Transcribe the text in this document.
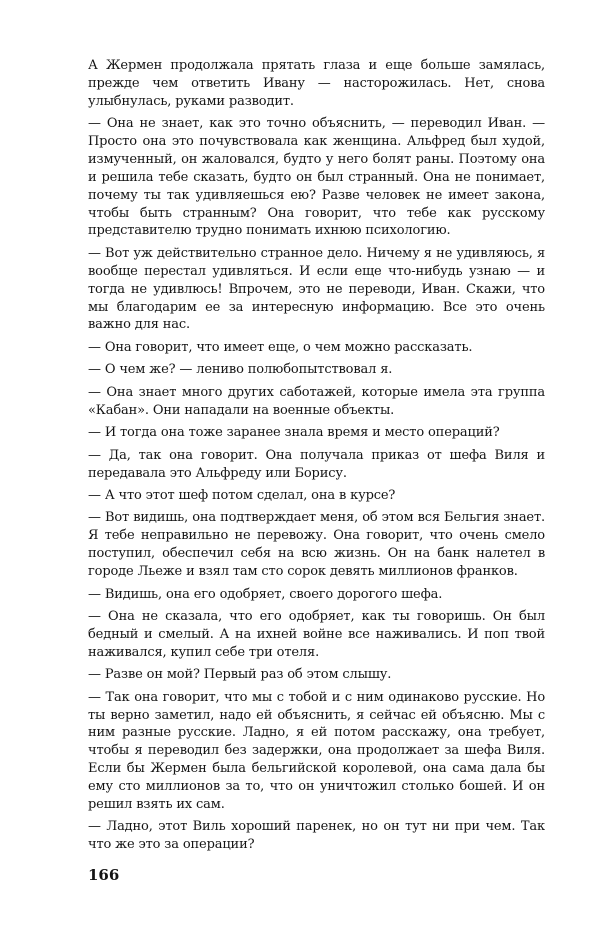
А Жермен продолжала прятать глаза и еще больше замялась, прежде чем ответить Ивану — насторожилась. Нет, снова улыбнулась, руками разводит.

— Она не знает, как это точно объяснить, — переводил Иван. — Просто она это почувствовала как женщина. Альфред был худой, измученный, он жаловался, будто у него болят раны. Поэтому она и решила тебе сказать, будто он был странный. Она не понимает, почему ты так удивляешься ею? Разве человек не имеет закона, чтобы быть странным? Она говорит, что тебе как русскому представителю трудно понимать ихнюю психологию.

— Вот уж действительно странное дело. Ничему я не удивляюсь, я вообще перестал удивляться. И если еще что-нибудь узнаю — и тогда не удивлюсь! Впрочем, это не переводи, Иван. Скажи, что мы благодарим ее за интересную информацию. Все это очень важно для нас.

— Она говорит, что имеет еще, о чем можно рассказать.

— О чем же? — лениво полюбопытствовал я.

— Она знает много других саботажей, которые имела эта группа «Кабан». Они нападали на военные объекты.

— И тогда она тоже заранее знала время и место операций?

— Да, так она говорит. Она получала приказ от шефа Виля и передавала это Альфреду или Борису.

— А что этот шеф потом сделал, она в курсе?

— Вот видишь, она подтверждает меня, об этом вся Бельгия знает. Я тебе неправильно не перевожу. Она говорит, что очень смело поступил, обеспечил себя на всю жизнь. Он на банк налетел в городе Льеже и взял там сто сорок девять миллионов франков.

— Видишь, она его одобряет, своего дорогого шефа.

— Она не сказала, что его одобряет, как ты говоришь. Он был бедный и смелый. А на ихней войне все наживались. И поп твой наживался, купил себе три отеля.

— Разве он мой? Первый раз об этом слышу.

— Так она говорит, что мы с тобой и с ним одинаково русские. Но ты верно заметил, надо ей объяснить, я сейчас ей объясню. Мы с ним разные русские. Ладно, я ей потом расскажу, она требует, чтобы я переводил без задержки, она продолжает за шефа Виля. Если бы Жермен была бельгийской королевой, она сама дала бы ему сто миллионов за то, что он уничтожил столько бошей. И он решил взять их сам.

— Ладно, этот Виль хороший паренек, но он тут ни при чем. Так что же это за операции?

166
